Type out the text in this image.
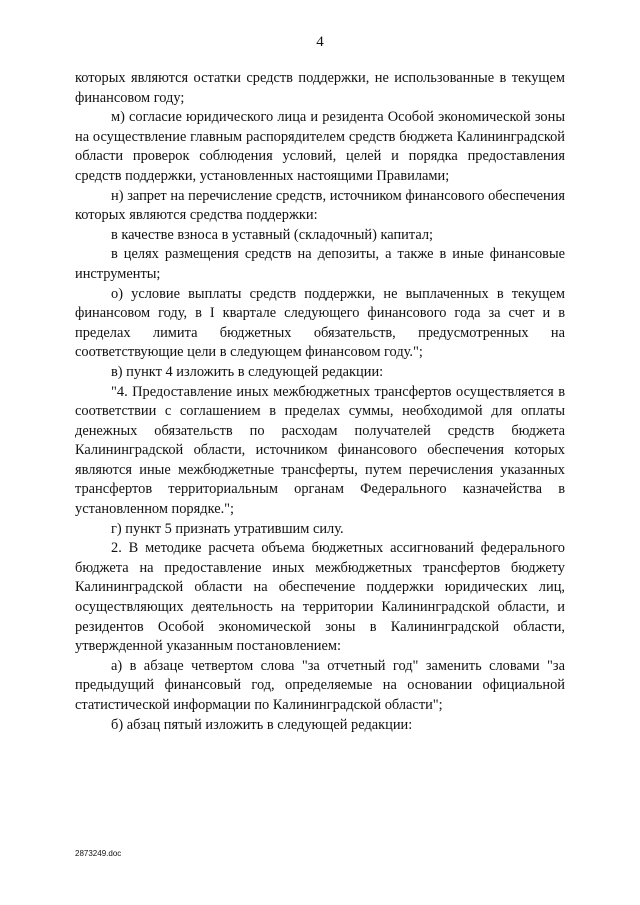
4

которых являются остатки средств поддержки, не использованные в текущем финансовом году;

м) согласие юридического лица и резидента Особой экономической зоны на осуществление главным распорядителем средств бюджета Калининградской области проверок соблюдения условий, целей и порядка предоставления средств поддержки, установленных настоящими Правилами;

н) запрет на перечисление средств, источником финансового обеспечения которых являются средства поддержки:

в качестве взноса в уставный (складочный) капитал;

в целях размещения средств на депозиты, а также в иные финансовые инструменты;

о) условие выплаты средств поддержки, не выплаченных в текущем финансовом году, в I квартале следующего финансового года за счет и в пределах лимита бюджетных обязательств, предусмотренных на соответствующие цели в следующем финансовом году.";

в) пункт 4 изложить в следующей редакции:

"4. Предоставление иных межбюджетных трансфертов осуществляется в соответствии с соглашением в пределах суммы, необходимой для оплаты денежных обязательств по расходам получателей средств бюджета Калининградской области, источником финансового обеспечения которых являются иные межбюджетные трансферты, путем перечисления указанных трансфертов территориальным органам Федерального казначейства в установленном порядке.";

г) пункт 5 признать утратившим силу.

2. В методике расчета объема бюджетных ассигнований федерального бюджета на предоставление иных межбюджетных трансфертов бюджету Калининградской области на обеспечение поддержки юридических лиц, осуществляющих деятельность на территории Калининградской области, и резидентов Особой экономической зоны в Калининградской области, утвержденной указанным постановлением:

а) в абзаце четвертом слова "за отчетный год" заменить словами "за предыдущий финансовый год, определяемые на основании официальной статистической информации по Калининградской области";

б) абзац пятый изложить в следующей редакции:

2873249.doc
